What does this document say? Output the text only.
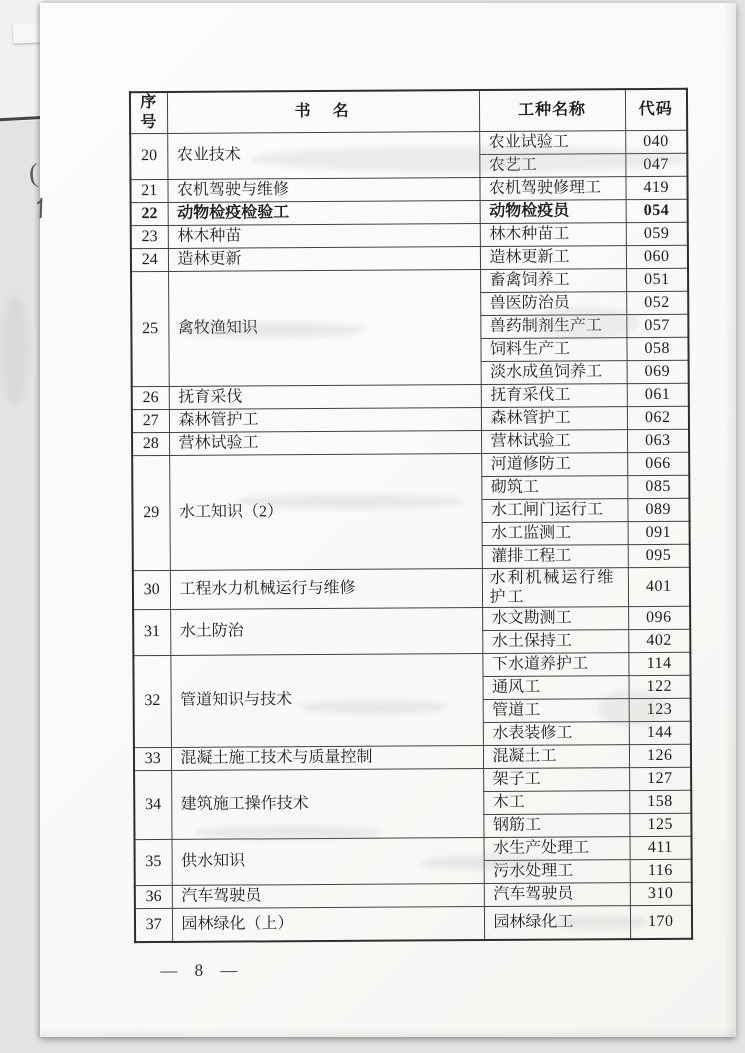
序号	书　名	工种名称	代码
20	农业技术	农业试验工	040
		农艺工	047
21	农机驾驶与维修	农机驾驶修理工	419
22	动物检疫检验工	动物检疫员	054
23	林木种苗	林木种苗工	059
24	造林更新	造林更新工	060
25	禽牧渔知识	畜禽饲养工	051
		兽医防治员	052
		兽药制剂生产工	057
		饲料生产工	058
		淡水成鱼饲养工	069
26	抚育采伐	抚育采伐工	061
27	森林管护工	森林管护工	062
28	营林试验工	营林试验工	063
29	水工知识（2）	河道修防工	066
		砌筑工	085
		水工闸门运行工	089
		水工监测工	091
		灌排工程工	095
30	工程水力机械运行与维修	水利机械运行维护工	401
31	水土防治	水文勘测工	096
		水土保持工	402
32	管道知识与技术	下水道养护工	114
		通风工	122
		管道工	123
		水表装修工	144
33	混凝土施工技术与质量控制	混凝土工	126
34	建筑施工操作技术	架子工	127
		木工	158
		钢筋工	125
35	供水知识	水生产处理工	411
		污水处理工	116
36	汽车驾驶员	汽车驾驶员	310
37	园林绿化（上）	园林绿化工	170
— 8 —
(
